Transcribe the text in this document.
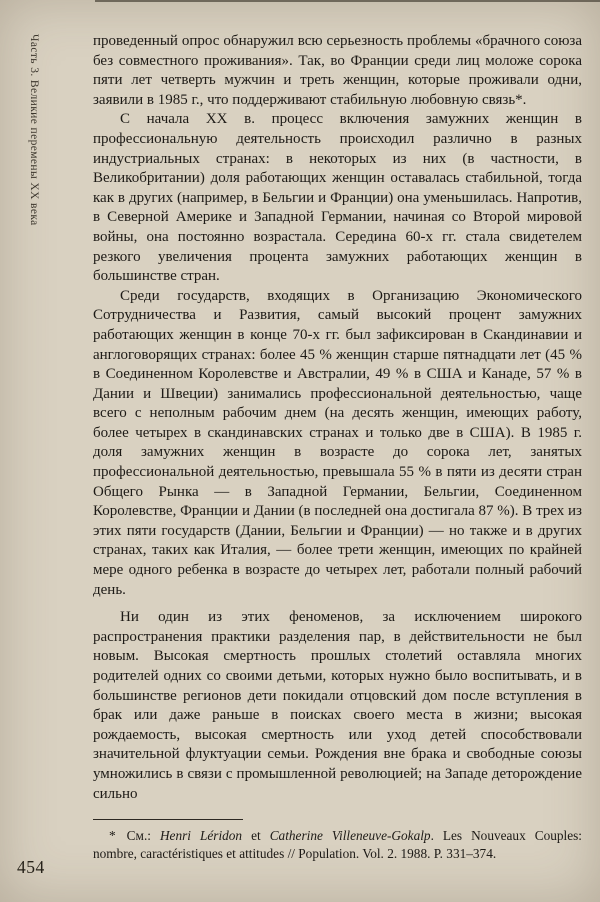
Часть 3. Великие перемены XX века	проведенный опрос обнаружил всю серьезность проблемы «брачного союза без совместного проживания». Так, во Франции среди лиц моложе сорока пяти лет четверть мужчин и треть женщин, которые проживали одни, заявили в 1985 г., что поддерживают стабильную любовную связь*.

С начала XX в. процесс включения замужних женщин в профессиональную деятельность происходил различно в разных индустриальных странах: в некоторых из них (в частности, в Великобритании) доля работающих женщин оставалась стабильной, тогда как в других (например, в Бельгии и Франции) она уменьшилась. Напротив, в Северной Америке и Западной Германии, начиная со Второй мировой войны, она постоянно возрастала. Середина 60-х гг. стала свидетелем резкого увеличения процента замужних работающих женщин в большинстве стран.

Среди государств, входящих в Организацию Экономического Сотрудничества и Развития, самый высокий процент замужних работающих женщин в конце 70-х гг. был зафиксирован в Скандинавии и англоговорящих странах: более 45 % женщин старше пятнадцати лет (45 % в Соединенном Королевстве и Австралии, 49 % в США и Канаде, 57 % в Дании и Швеции) занимались профессиональной деятельностью, чаще всего с неполным рабочим днем (на десять женщин, имеющих работу, более четырех в скандинавских странах и только две в США). В 1985 г. доля замужних женщин в возрасте до сорока лет, занятых профессиональной деятельностью, превышала 55 % в пяти из десяти стран Общего Рынка — в Западной Германии, Бельгии, Соединенном Королевстве, Франции и Дании (в последней она достигала 87 %). В трех из этих пяти государств (Дании, Бельгии и Франции) — но также и в других странах, таких как Италия, — более трети женщин, имеющих по крайней мере одного ребенка в возрасте до четырех лет, работали полный рабочий день.

Ни один из этих феноменов, за исключением широкого распространения практики разделения пар, в действительности не был новым. Высокая смертность прошлых столетий оставляла многих родителей одних со своими детьми, которых нужно было воспитывать, и в большинстве регионов дети покидали отцовский дом после вступления в брак или даже раньше в поисках своего места в жизни; высокая рождаемость, высокая смертность или уход детей способствовали значительной флуктуации семьи. Рождения вне брака и свободные союзы умножились в связи с промышленной революцией; на Западе деторождение сильно

* См.: Henri Léridon et Catherine Villeneuve-Gokalp. Les Nouveaux Couples: nombre, caractéristiques et attitudes // Population. Vol. 2. 1988. P. 331–374.
454
